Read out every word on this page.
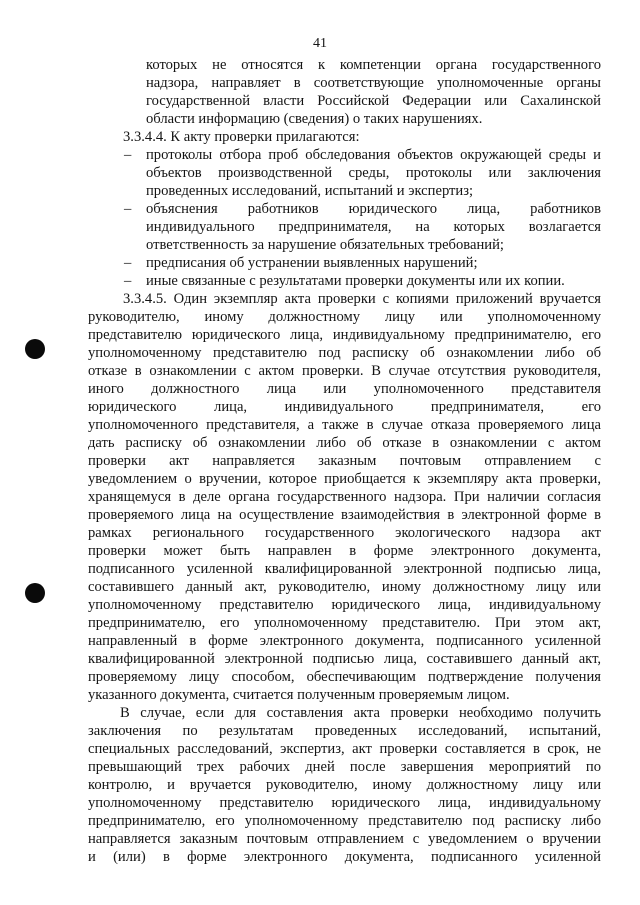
41
которых не относятся к компетенции органа государственного
надзора, направляет в соответствующие уполномоченные органы
государственной власти Российской Федерации или Сахалинской
области информацию (сведения) о таких нарушениях.
3.3.4.4. К акту проверки прилагаются:
протоколы отбора проб обследования объектов окружающей среды и
объектов производственной среды, протоколы или заключения
проведенных исследований, испытаний и экспертиз;
объяснения работников юридического лица, работников
индивидуального предпринимателя, на которых возлагается
ответственность за нарушение обязательных требований;
предписания об устранении выявленных нарушений;
иные связанные с результатами проверки документы или их копии.
3.3.4.5. Один экземпляр акта проверки с копиями приложений вручается
руководителю, иному должностному лицу или уполномоченному
представителю юридического лица, индивидуальному предпринимателю, его
уполномоченному представителю под расписку об ознакомлении либо об
отказе в ознакомлении с актом проверки. В случае отсутствия руководителя,
иного должностного лица или уполномоченного представителя
юридического лица, индивидуального предпринимателя, его
уполномоченного представителя, а также в случае отказа проверяемого лица
дать расписку об ознакомлении либо об отказе в ознакомлении с актом
проверки акт направляется заказным почтовым отправлением с
уведомлением о вручении, которое приобщается к экземпляру акта проверки,
хранящемуся в деле органа государственного надзора. При наличии согласия
проверяемого лица на осуществление взаимодействия в электронной форме в
рамках регионального государственного экологического надзора акт
проверки может быть направлен в форме электронного документа,
подписанного усиленной квалифицированной электронной подписью лица,
составившего данный акт, руководителю, иному должностному лицу или
уполномоченному представителю юридического лица, индивидуальному
предпринимателю, его уполномоченному представителю. При этом акт,
направленный в форме электронного документа, подписанного усиленной
квалифицированной электронной подписью лица, составившего данный акт,
проверяемому лицу способом, обеспечивающим подтверждение получения
указанного документа, считается полученным проверяемым лицом.
В случае, если для составления акта проверки необходимо получить
заключения по результатам проведенных исследований, испытаний,
специальных расследований, экспертиз, акт проверки составляется в срок, не
превышающий трех рабочих дней после завершения мероприятий по
контролю, и вручается руководителю, иному должностному лицу или
уполномоченному представителю юридического лица, индивидуальному
предпринимателю, его уполномоченному представителю под расписку либо
направляется заказным почтовым отправлением с уведомлением о вручении
и (или) в форме электронного документа, подписанного усиленной
–
–
–
–
